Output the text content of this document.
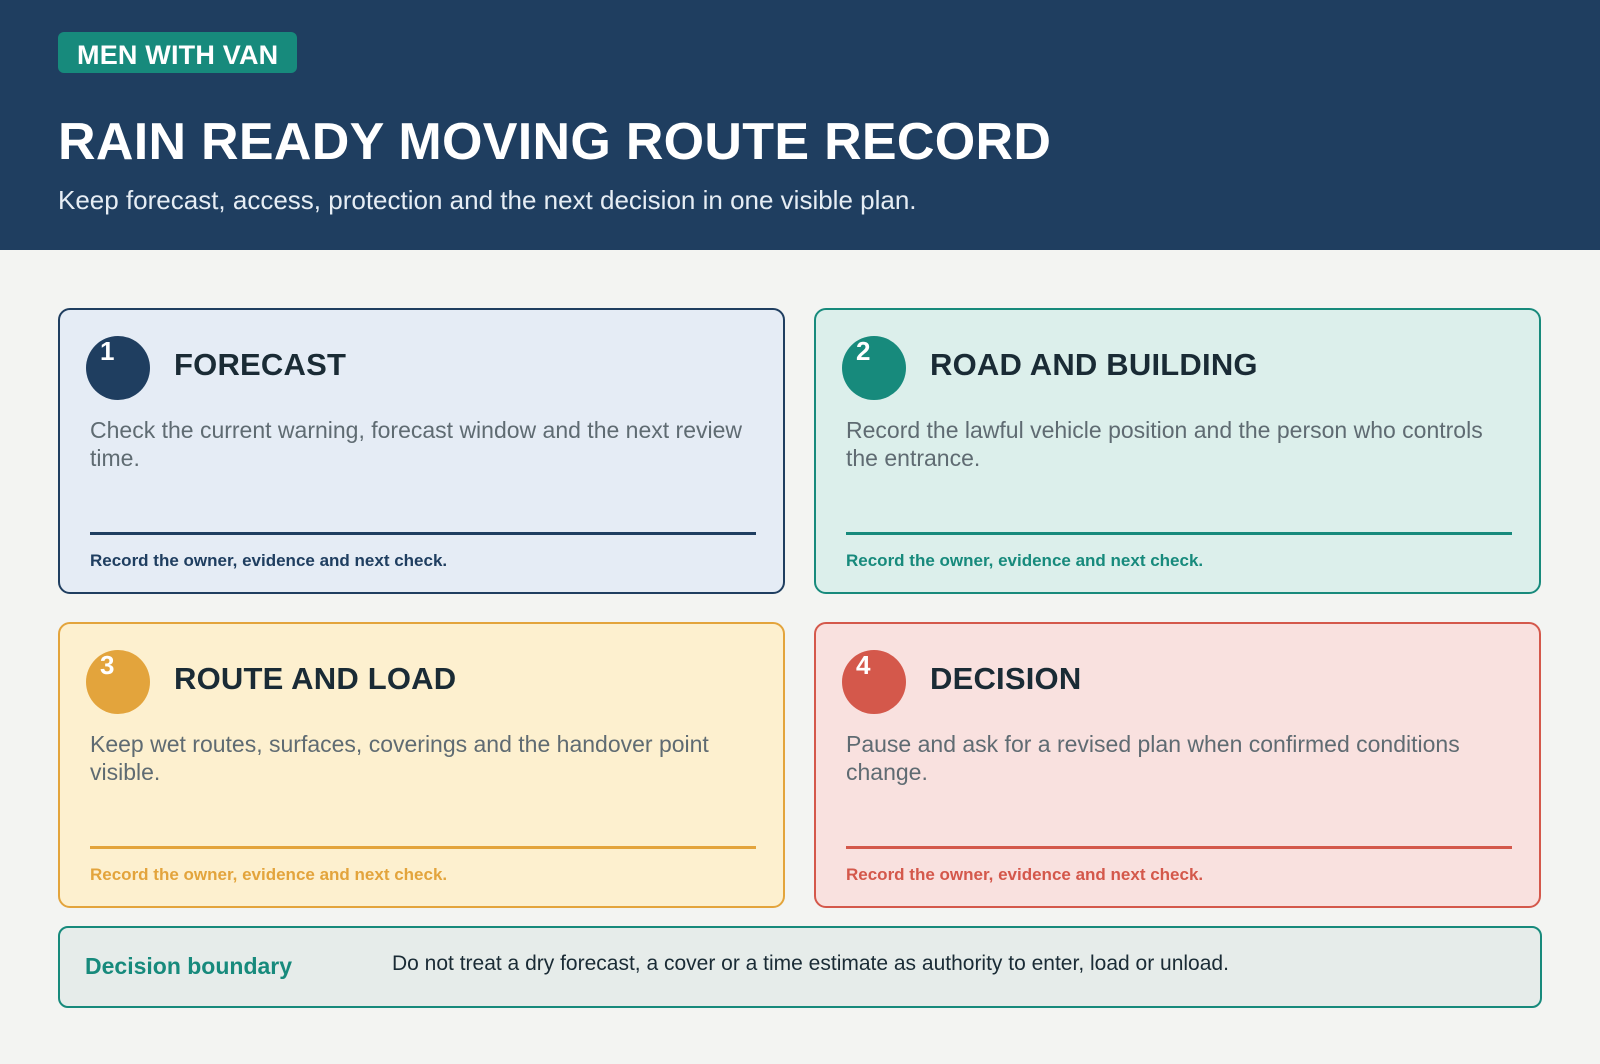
MEN WITH VAN
RAIN READY MOVING ROUTE RECORD

Keep forecast, access, protection and the next decision in one visible plan.

1 FORECAST

Check the current warning, forecast window and the next review time.

Record the owner, evidence and next check.

2 ROAD AND BUILDING

Record the lawful vehicle position and the person who controls the entrance.

Record the owner, evidence and next check.

3 ROUTE AND LOAD

Keep wet routes, surfaces, coverings and the handover point visible.

Record the owner, evidence and next check.

4 DECISION

Pause and ask for a revised plan when confirmed conditions change.

Record the owner, evidence and next check.

Decision boundary	Do not treat a dry forecast, a cover or a time estimate as authority to enter, load or unload.
